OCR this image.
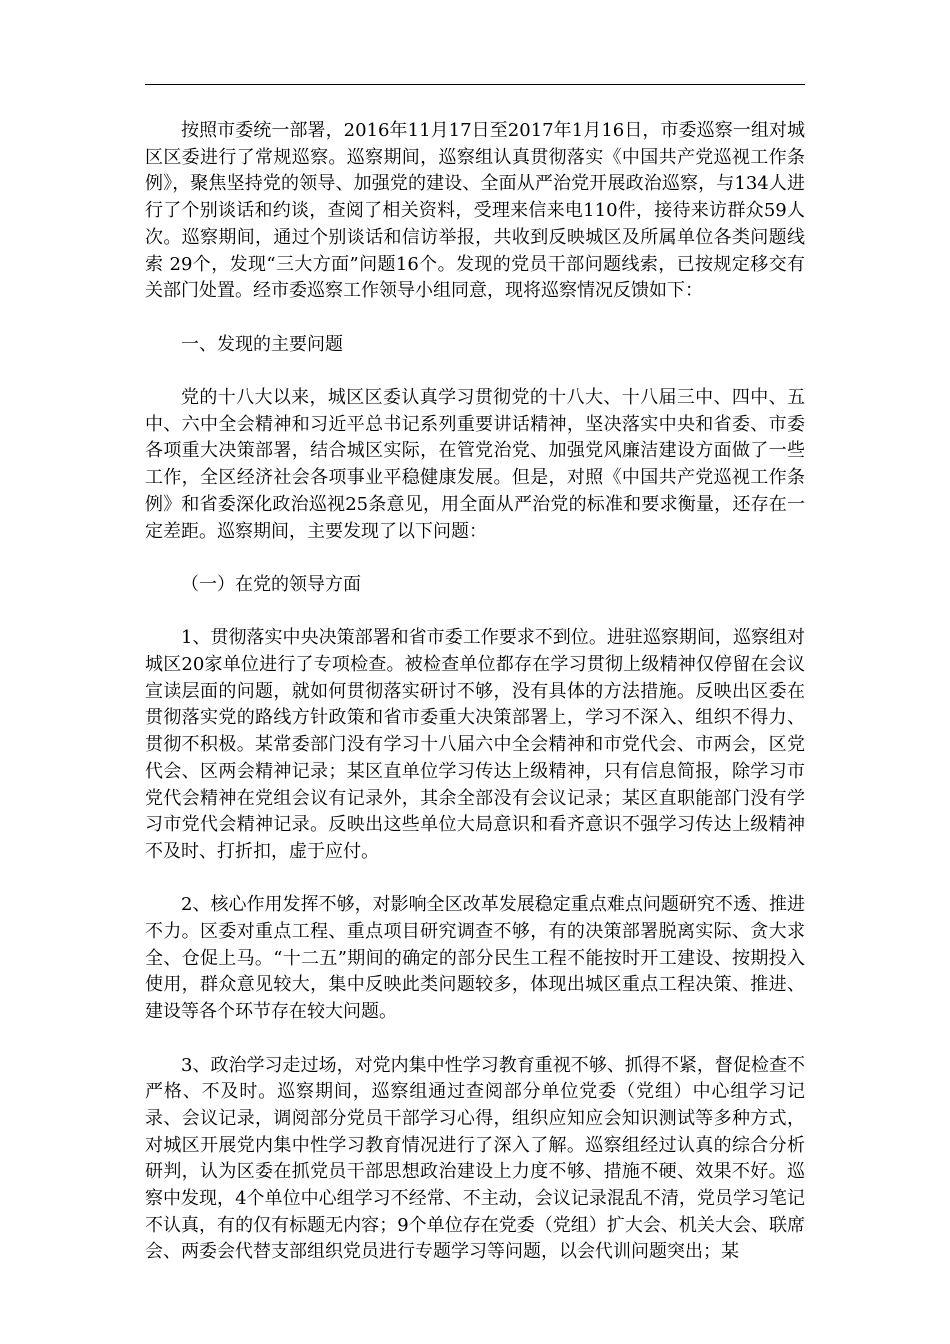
按照市委统一部署，2016年11月17日至2017年1月16日，市委巡察一组对城区区委进行了常规巡察。巡察期间，巡察组认真贯彻落实《中国共产党巡视工作条例》，聚焦坚持党的领导、加强党的建设、全面从严治党开展政治巡察，与134人进行了个别谈话和约谈，查阅了相关资料，受理来信来电110件，接待来访群众59人次。巡察期间，通过个别谈话和信访举报，共收到反映城区及所属单位各类问题线索 29个，发现“三大方面”问题16个。发现的党员干部问题线索，已按规定移交有关部门处置。经市委巡察工作领导小组同意，现将巡察情况反馈如下：

一、发现的主要问题

党的十八大以来，城区区委认真学习贯彻党的十八大、十八届三中、四中、五中、六中全会精神和习近平总书记系列重要讲话精神，坚决落实中央和省委、市委各项重大决策部署，结合城区实际，在管党治党、加强党风廉洁建设方面做了一些工作，全区经济社会各项事业平稳健康发展。但是，对照《中国共产党巡视工作条例》和省委深化政治巡视25条意见，用全面从严治党的标准和要求衡量，还存在一定差距。巡察期间，主要发现了以下问题：

（一）在党的领导方面

1、贯彻落实中央决策部署和省市委工作要求不到位。进驻巡察期间，巡察组对城区20家单位进行了专项检查。被检查单位都存在学习贯彻上级精神仅停留在会议宣读层面的问题，就如何贯彻落实研讨不够，没有具体的方法措施。反映出区委在贯彻落实党的路线方针政策和省市委重大决策部署上，学习不深入、组织不得力、贯彻不积极。某常委部门没有学习十八届六中全会精神和市党代会、市两会，区党代会、区两会精神记录；某区直单位学习传达上级精神，只有信息简报，除学习市党代会精神在党组会议有记录外，其余全部没有会议记录；某区直职能部门没有学习市党代会精神记录。反映出这些单位大局意识和看齐意识不强学习传达上级精神不及时、打折扣，虚于应付。

2、核心作用发挥不够，对影响全区改革发展稳定重点难点问题研究不透、推进不力。区委对重点工程、重点项目研究调查不够，有的决策部署脱离实际、贪大求全、仓促上马。“十二五”期间的确定的部分民生工程不能按时开工建设、按期投入使用，群众意见较大，集中反映此类问题较多，体现出城区重点工程决策、推进、建设等各个环节存在较大问题。

3、政治学习走过场，对党内集中性学习教育重视不够、抓得不紧，督促检查不严格、不及时。巡察期间，巡察组通过查阅部分单位党委（党组）中心组学习记录、会议记录，调阅部分党员干部学习心得，组织应知应会知识测试等多种方式，对城区开展党内集中性学习教育情况进行了深入了解。巡察组经过认真的综合分析研判，认为区委在抓党员干部思想政治建设上力度不够、措施不硬、效果不好。巡察中发现，4个单位中心组学习不经常、不主动，会议记录混乱不清，党员学习笔记不认真，有的仅有标题无内容；9个单位存在党委（党组）扩大会、机关大会、联席会、两委会代替支部组织党员进行专题学习等问题，以会代训问题突出；某
